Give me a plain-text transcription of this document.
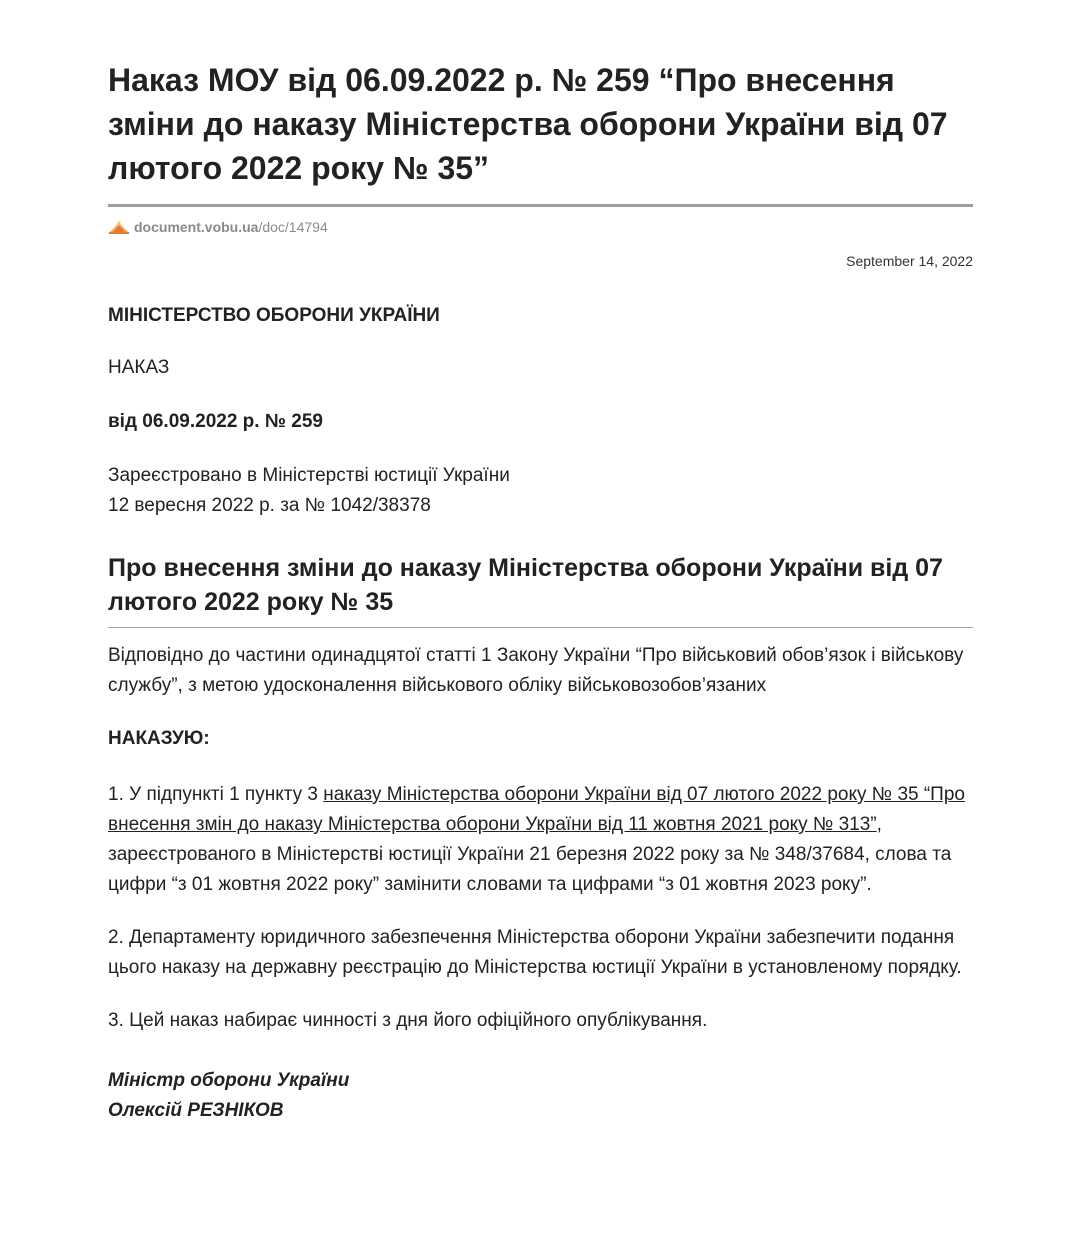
Наказ МОУ від 06.09.2022 р. № 259 “Про внесення зміни до наказу Міністерства оборони України від 07 лютого 2022 року № 35”
document.vobu.ua /doc/14794
September 14, 2022

МІНІСТЕРСТВО ОБОРОНИ УКРАЇНИ

НАКАЗ

від 06.09.2022 р. № 259

Зареєстровано в Міністерстві юстиції України

12 вересня 2022 р. за № 1042/38378

Про внесення зміни до наказу Міністерства оборони України від 07 лютого 2022 року № 35

Відповідно до частини одинадцятої статті 1 Закону України “Про військовий обов’язок і військову службу”, з метою удосконалення військового обліку військовозобов’язаних

НАКАЗУЮ:

1. У підпункті 1 пункту 3 наказу Міністерства оборони України від 07 лютого 2022 року № 35 “Про внесення змін до наказу Міністерства оборони України від 11 жовтня 2021 року № 313”, зареєстрованого в Міністерстві юстиції України 21 березня 2022 року за № 348/37684, слова та цифри “з 01 жовтня 2022 року” замінити словами та цифрами “з 01 жовтня 2023 року”.

2. Департаменту юридичного забезпечення Міністерства оборони України забезпечити подання цього наказу на державну реєстрацію до Міністерства юстиції України в установленому порядку.

3. Цей наказ набирає чинності з дня його офіційного опублікування.

Міністр оборони України

Олексій РЕЗНІКОВ
